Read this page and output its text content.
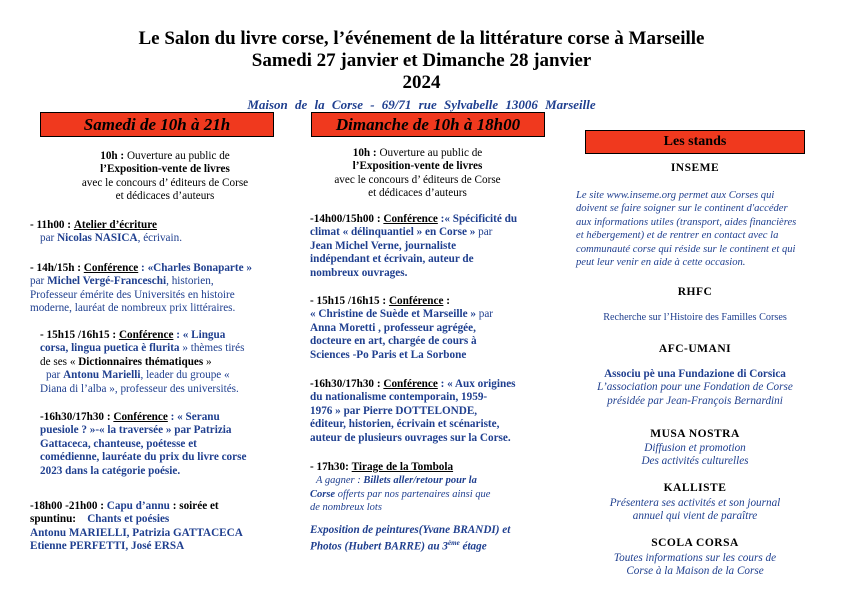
Le Salon du livre corse, l’événement de la littérature corse à Marseille
Samedi 27 janvier et Dimanche 28 janvier
2024
Maison de la Corse - 69/71 rue Sylvabelle 13006 Marseille
Samedi de 10h à 21h
10h : Ouverture au public de
l’Exposition-vente de livres
avec le concours d’ éditeurs de Corse
et dédicaces d’auteurs
- 11h00 : Atelier d’écriture
par Nicolas NASICA, écrivain.
- 14h/15h : Conférence : «Charles Bonaparte »
par Michel Vergé-Franceschi, historien,
Professeur émérite des Universités en histoire
moderne, lauréat de nombreux prix littéraires.
- 15h15 /16h15 : Conférence : « Lingua
corsa, lingua puetica è flurita » thèmes tirés
de ses « Dictionnaires thématiques »
par Antonu Marielli, leader du groupe «
Diana di l’alba », professeur des universités.
-16h30/17h30 : Conférence : « Seranu
puesiole ? »-« la traversée » par Patrizia
Gattaceca, chanteuse, poétesse et
comédienne, lauréate du prix du livre corse
2023 dans la catégorie poésie.
-18h00 -21h00 : Capu d’annu : soirée et
spuntinu: Chants et poésies
Antonu MARIELLI, Patrizia GATTACECA
Etienne PERFETTI, José ERSA
Dimanche de 10h à 18h00
10h : Ouverture au public de
l’Exposition-vente de livres
avec le concours d’ éditeurs de Corse
et dédicaces d’auteurs
-14h00/15h00 : Conférence :« Spécificité du
climat « délinquantiel » en Corse » par
Jean Michel Verne, journaliste
indépendant et écrivain, auteur de
nombreux ouvrages.
- 15h15 /16h15 : Conférence :
« Christine de Suède et Marseille » par
Anna Moretti , professeur agrégée,
docteure en art, chargée de cours à
Sciences -Po Paris et La Sorbone
-16h30/17h30 : Conférence : « Aux origines
du nationalisme contemporain, 1959-
1976 » par Pierre DOTTELONDE,
éditeur, historien, écrivain et scénariste,
auteur de plusieurs ouvrages sur la Corse.
- 17h30: Tirage de la Tombola
A gagner : Billets aller/retour pour la
Corse offerts par nos partenaires ainsi que
de nombreux lots
Exposition de peintures(Yvane BRANDI) et
Photos (Hubert BARRE) au 3ème étage
Les stands
INSEME
Le site www.inseme.org permet aux Corses qui
doivent se faire soigner sur le continent d'accéder
aux informations utiles (transport, aides financières
et hébergement) et de rentrer en contact avec la
communauté corse qui réside sur le continent et qui
peut leur venir en aide à cette occasion.
RHFC
Recherche sur l’Histoire des Familles Corses
AFC-UMANI
Associu pè una Fundazione di Corsica
L’association pour une Fondation de Corse
présidée par Jean-François Bernardini
MUSA NOSTRA
Diffusion et promotion
Des activités culturelles
KALLISTE
Présentera ses activités et son journal
annuel qui vient de paraître
SCOLA CORSA
Toutes informations sur les cours de
Corse à la Maison de la Corse
